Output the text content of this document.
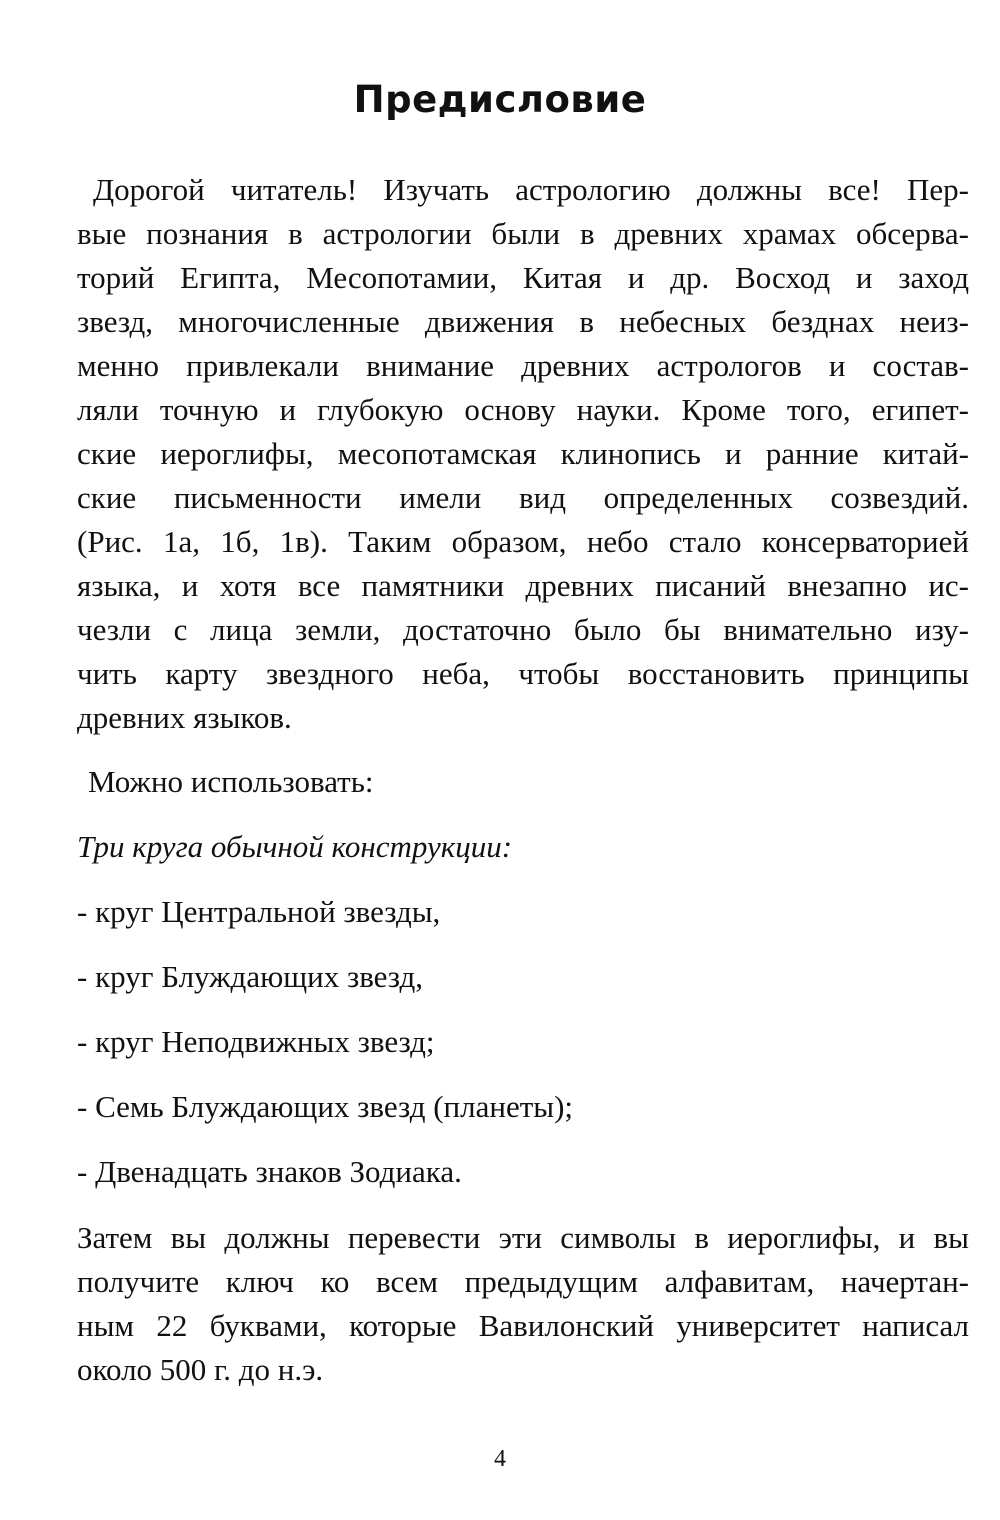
Предисловие

Дорогой читатель! Изучать астрологию должны все! Пер-

вые познания в астрологии были в древних храмах обсерва-

торий Египта, Месопотамии, Китая и др. Восход и заход

звезд, многочисленные движения в небесных безднах неиз-

менно привлекали внимание древних астрологов и состав-

ляли точную и глубокую основу науки. Кроме того, египет-

ские иероглифы, месопотамская клинопись и ранние китай-

ские письменности имели вид определенных созвездий.

(Рис. 1а, 1б, 1в). Таким образом, небо стало консерваторией

языка, и хотя все памятники древних писаний внезапно ис-

чезли с лица земли, достаточно было бы внимательно изу-

чить карту звездного неба, чтобы восстановить принципы

древних языков.

Можно использовать:

Три круга обычной конструкции:

- круг Центральной звезды,

- круг Блуждающих звезд,

- круг Неподвижных звезд;

- Семь Блуждающих звезд (планеты);

- Двенадцать знаков Зодиака.

Затем вы должны перевести эти символы в иероглифы, и вы

получите ключ ко всем предыдущим алфавитам, начертан-

ным 22 буквами, которые Вавилонский университет написал

около 500 г. до н.э.

4
